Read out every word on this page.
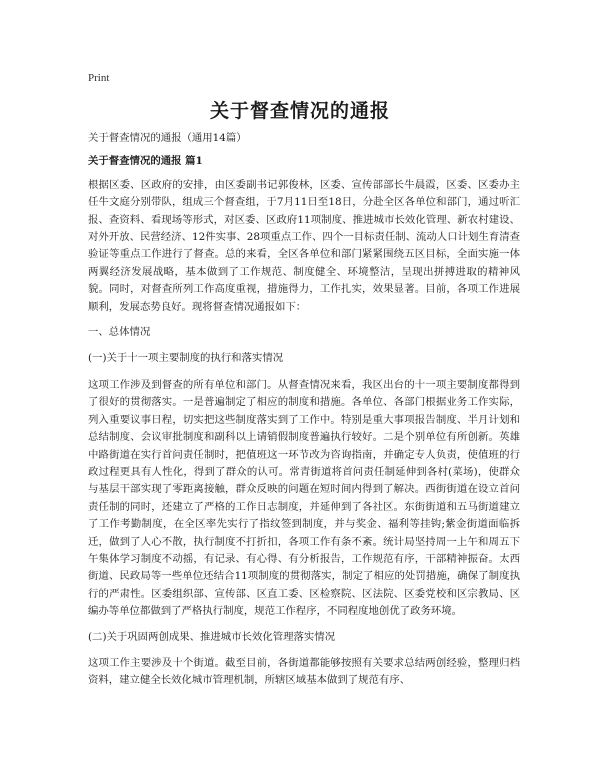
Print
关于督查情况的通报

关于督查情况的通报（通用14篇）

关于督查情况的通报 篇1

根据区委、区政府的安排，由区委副书记郭俊林，区委、宣传部部长牛晨霞，区委、区委办主任牛文庭分别带队，组成三个督查组，于7月11日至18日，分赴全区各单位和部门，通过听汇报、查资料、看现场等形式，对区委、区政府11项制度、推进城市长效化管理、新农村建设、对外开放、民营经济、12件实事、28项重点工作、四个一目标责任制、流动人口计划生育清查验证等重点工作进行了督查。总的来看，全区各单位和部门紧紧围绕五区目标，全面实施一体两翼经济发展战略，基本做到了工作规范、制度健全、环境整洁，呈现出拼搏进取的精神风貌。同时，对督查所列工作高度重视，措施得力，工作扎实，效果显著。目前，各项工作进展顺利，发展态势良好。现将督查情况通报如下：

一、总体情况

(一)关于十一项主要制度的执行和落实情况

这项工作涉及到督查的所有单位和部门。从督查情况来看，我区出台的十一项主要制度都得到了很好的贯彻落实。一是普遍制定了相应的制度和措施。各单位、各部门根据业务工作实际，列入重要议事日程，切实把这些制度落实到了工作中。特别是重大事项报告制度、半月计划和总结制度、会议审批制度和副科以上请销假制度普遍执行较好。二是个别单位有所创新。英雄中路街道在实行首问责任制时，把值班这一环节改为咨询指南，并确定专人负责，使值班的行政过程更具有人性化，得到了群众的认可。常青街道将首问责任制延伸到各村(菜场)，使群众与基层干部实现了零距离接触，群众反映的问题在短时间内得到了解决。西街街道在设立首问责任制的同时，还建立了严格的工作日志制度，并延伸到了各社区。东街街道和五马街道建立了工作考勤制度，在全区率先实行了指纹签到制度，并与奖金、福利等挂钩;紫金街道面临拆迁，做到了人心不散，执行制度不打折扣，各项工作有条不紊。统计局坚持周一上午和周五下午集体学习制度不动摇，有记录、有心得、有分析报告，工作规范有序，干部精神振奋。太西街道、民政局等一些单位还结合11项制度的贯彻落实，制定了相应的处罚措施，确保了制度执行的严肃性。区委组织部、宣传部、区直工委、区检察院、区法院、区委党校和区宗教局、区编办等单位都做到了严格执行制度，规范工作程序，不同程度地创优了政务环境。

(二)关于巩固两创成果、推进城市长效化管理落实情况

这项工作主要涉及十个街道。截至目前，各街道都能够按照有关要求总结两创经验，整理归档资料，建立健全长效化城市管理机制，所辖区域基本做到了规范有序、
